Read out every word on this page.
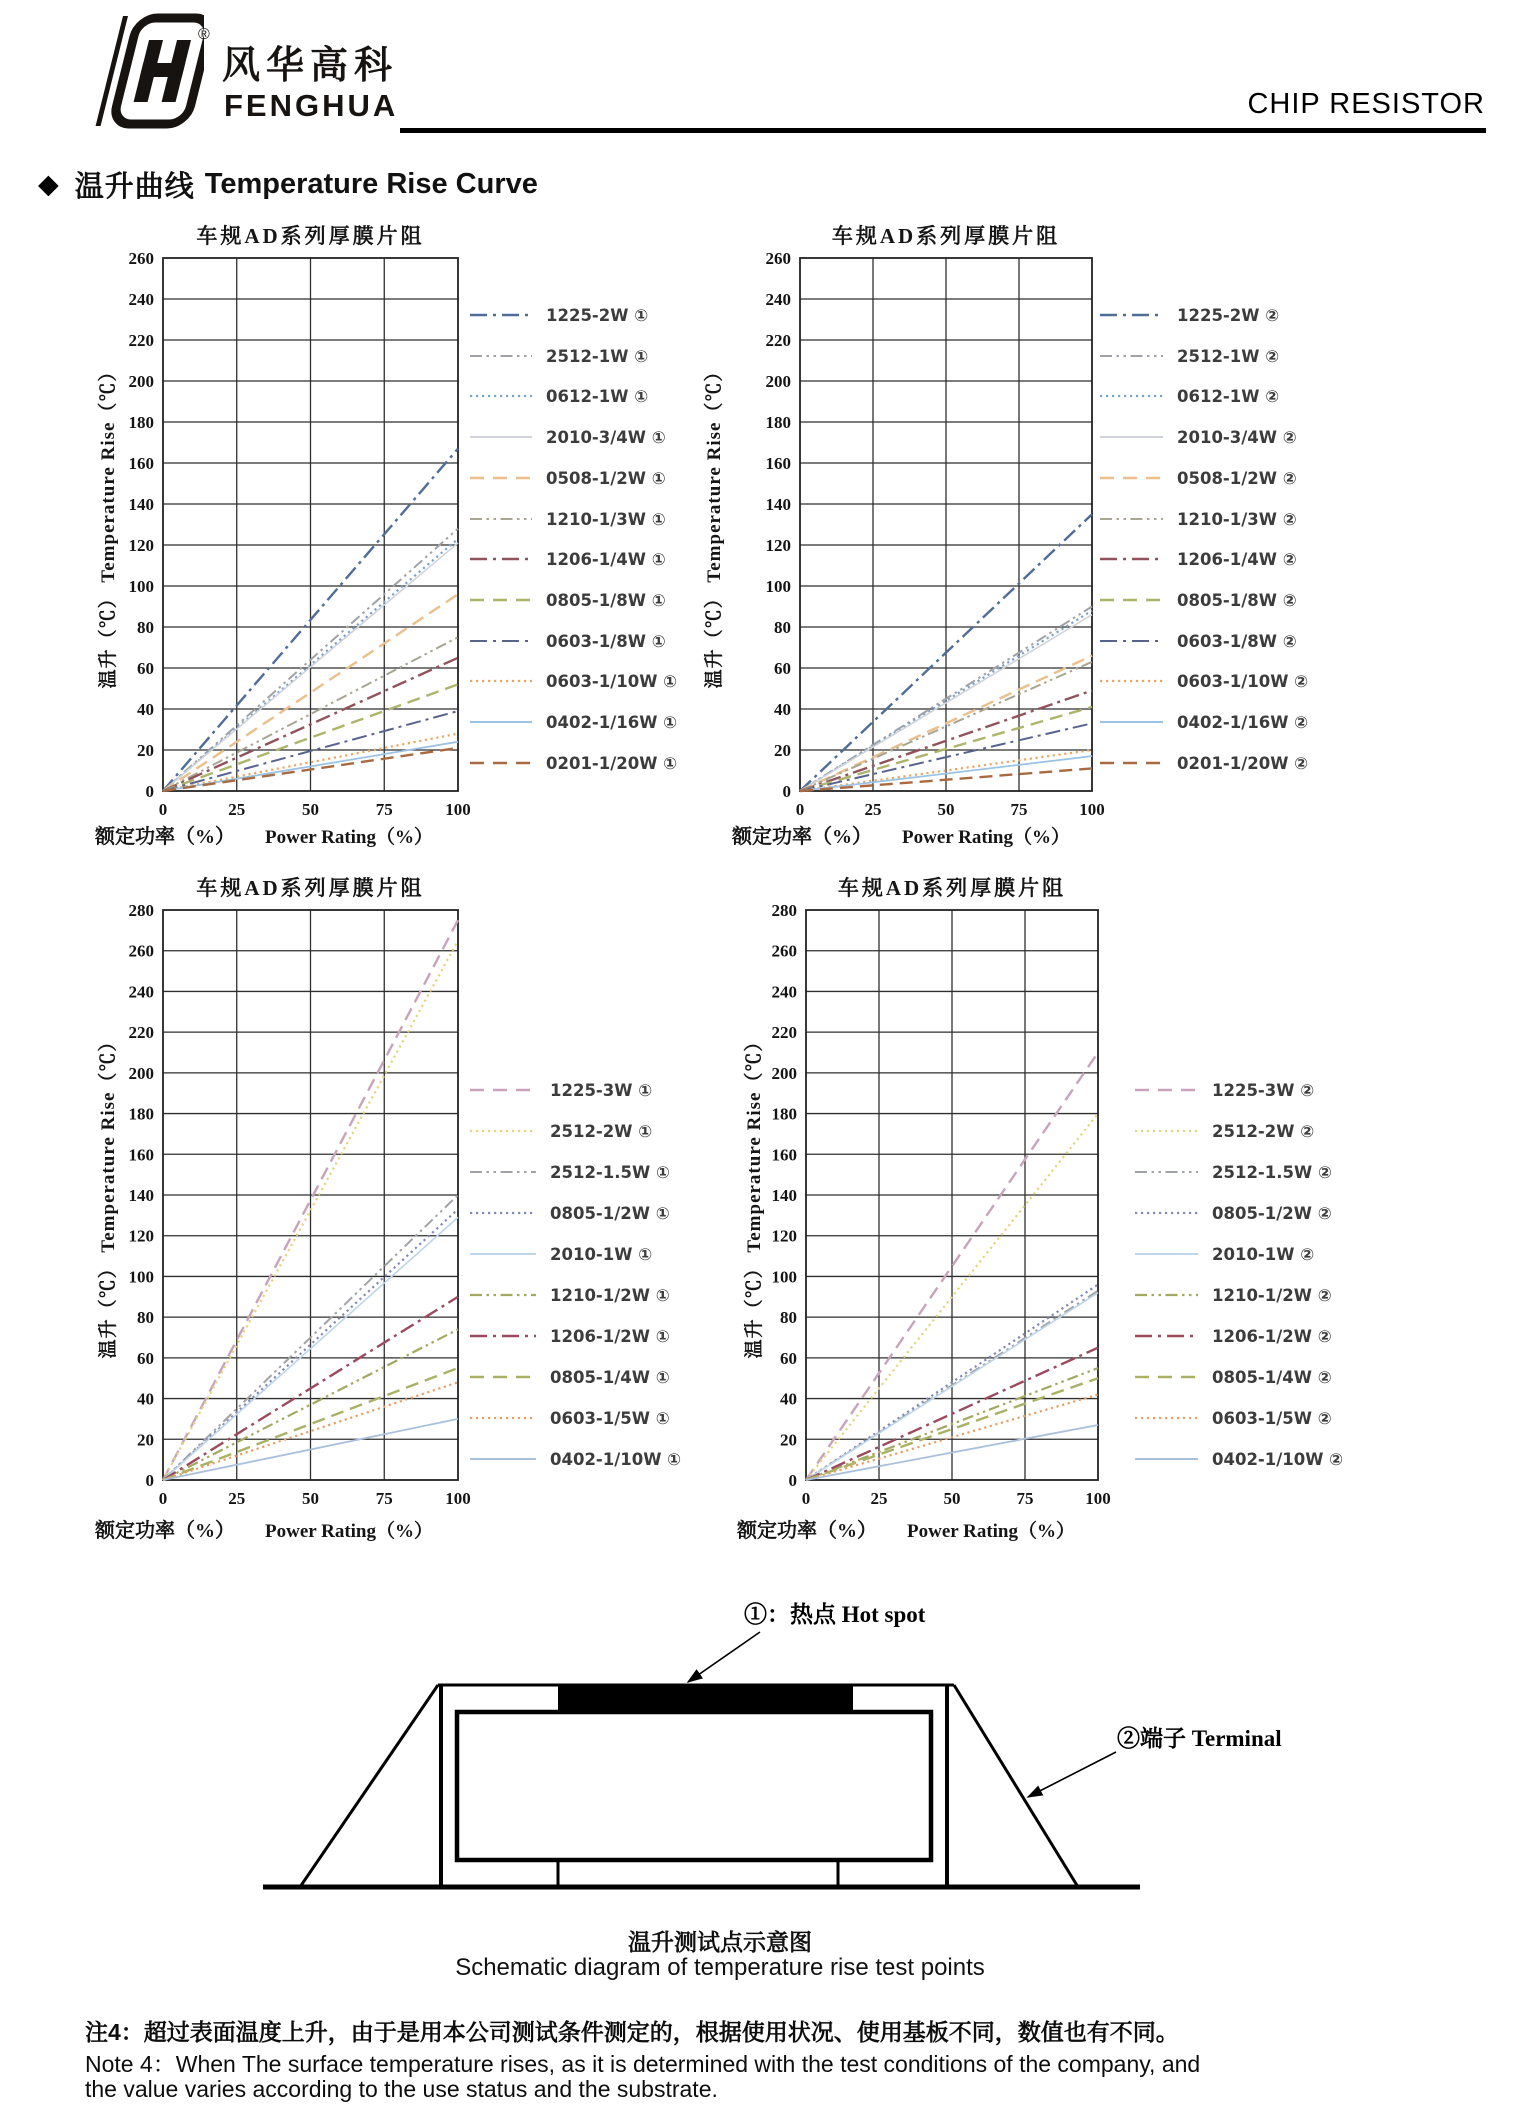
®
风华高科
FENGHUA	CHIP RESISTOR
◆ 温升曲线 Temperature Rise Curve
车规AD系列厚膜片阻
温升（℃） Temperature Rise（℃）
0
20
40
60
80
100
120
140
160
180
200
220
240
260
0	25	50	75	100
额定功率（%） Power Rating（%）
1225-2W ①
2512-1W ①
0612-1W ①
2010-3/4W ①
0508-1/2W ①
1210-1/3W ①
1206-1/4W ①
0805-1/8W ①
0603-1/8W ①
0603-1/10W ①
0402-1/16W ①
0201-1/20W ①
车规AD系列厚膜片阻
温升（℃） Temperature Rise（℃）
0
20
40
60
80
100
120
140
160
180
200
220
240
260
0	25	50	75	100
额定功率（%） Power Rating（%）
1225-2W ②
2512-1W ②
0612-1W ②
2010-3/4W ②
0508-1/2W ②
1210-1/3W ②
1206-1/4W ②
0805-1/8W ②
0603-1/8W ②
0603-1/10W ②
0402-1/16W ②
0201-1/20W ②
车规AD系列厚膜片阻
温升（℃） Temperature Rise（℃）
0
20
40
60
80
100
120
140
160
180
200
220
240
260
280
0	25	50	75	100
额定功率（%） Power Rating（%）
1225-3W ①
2512-2W ①
2512-1.5W ①
0805-1/2W ①
2010-1W ①
1210-1/2W ①
1206-1/2W ①
0805-1/4W ①
0603-1/5W ①
0402-1/10W ①
车规AD系列厚膜片阻
温升（℃） Temperature Rise（℃）
0
20
40
60
80
100
120
140
160
180
200
220
240
260
280
0	25	50	75	100
额定功率（%） Power Rating（%）
1225-3W ②
2512-2W ②
2512-1.5W ②
0805-1/2W ②
2010-1W ②
1210-1/2W ②
1206-1/2W ②
0805-1/4W ②
0603-1/5W ②
0402-1/10W ②
①：热点 Hot spot
②端子 Terminal
温升测试点示意图
Schematic diagram of temperature rise test points
注4：超过表面温度上升，由于是用本公司测试条件测定的，根据使用状况、使用基板不同，数值也有不同。
Note 4：When The surface temperature rises, as it is determined with the test conditions of the company, and
the value varies according to the use status and the substrate.
